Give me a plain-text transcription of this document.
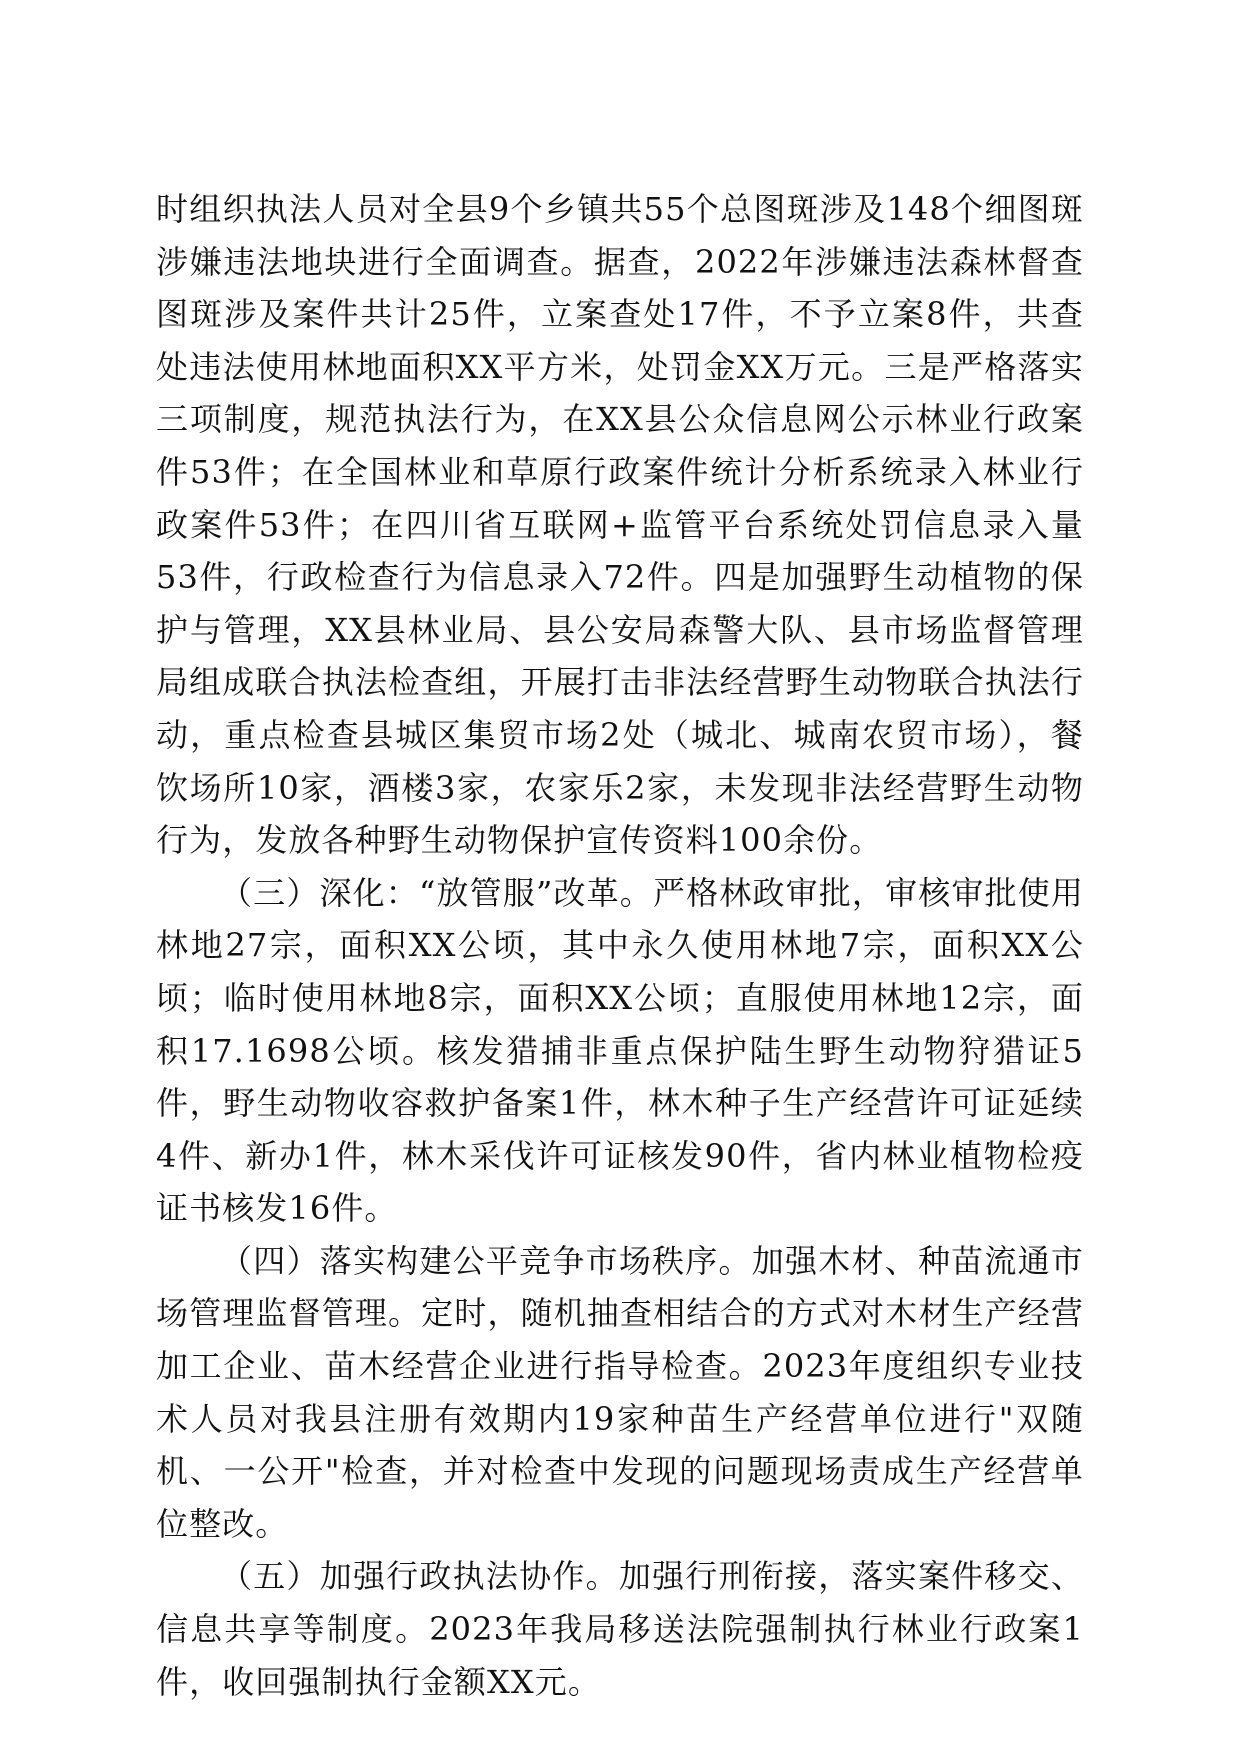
时组织执法人员对全县9个乡镇共55个总图斑涉及148个细图斑涉嫌违法地块进行全面调查。据查，2022年涉嫌违法森林督查图斑涉及案件共计25件，立案查处17件，不予立案8件，共查处违法使用林地面积XX平方米，处罚金XX万元。三是严格落实三项制度，规范执法行为，在XX县公众信息网公示林业行政案件53件；在全国林业和草原行政案件统计分析系统录入林业行政案件53件；在四川省互联网+监管平台系统处罚信息录入量53件，行政检查行为信息录入72件。四是加强野生动植物的保护与管理，XX县林业局、县公安局森警大队、县市场监督管理局组成联合执法检查组，开展打击非法经营野生动物联合执法行动，重点检查县城区集贸市场2处（城北、城南农贸市场），餐饮场所10家，酒楼3家，农家乐2家，未发现非法经营野生动物行为，发放各种野生动物保护宣传资料100余份。

（三）深化：“放管服”改革。严格林政审批，审核审批使用林地27宗，面积XX公顷，其中永久使用林地7宗，面积XX公顷；临时使用林地8宗，面积XX公顷；直服使用林地12宗，面积17.1698公顷。核发猎捕非重点保护陆生野生动物狩猎证5件，野生动物收容救护备案1件，林木种子生产经营许可证延续4件、新办1件，林木采伐许可证核发90件，省内林业植物检疫证书核发16件。

（四）落实构建公平竞争市场秩序。加强木材、种苗流通市场管理监督管理。定时，随机抽查相结合的方式对木材生产经营加工企业、苗木经营企业进行指导检查。2023年度组织专业技术人员对我县注册有效期内19家种苗生产经营单位进行"双随机、一公开"检查，并对检查中发现的问题现场责成生产经营单位整改。

（五）加强行政执法协作。加强行刑衔接，落实案件移交、信息共享等制度。2023年我局移送法院强制执行林业行政案1件，收回强制执行金额XX元。
